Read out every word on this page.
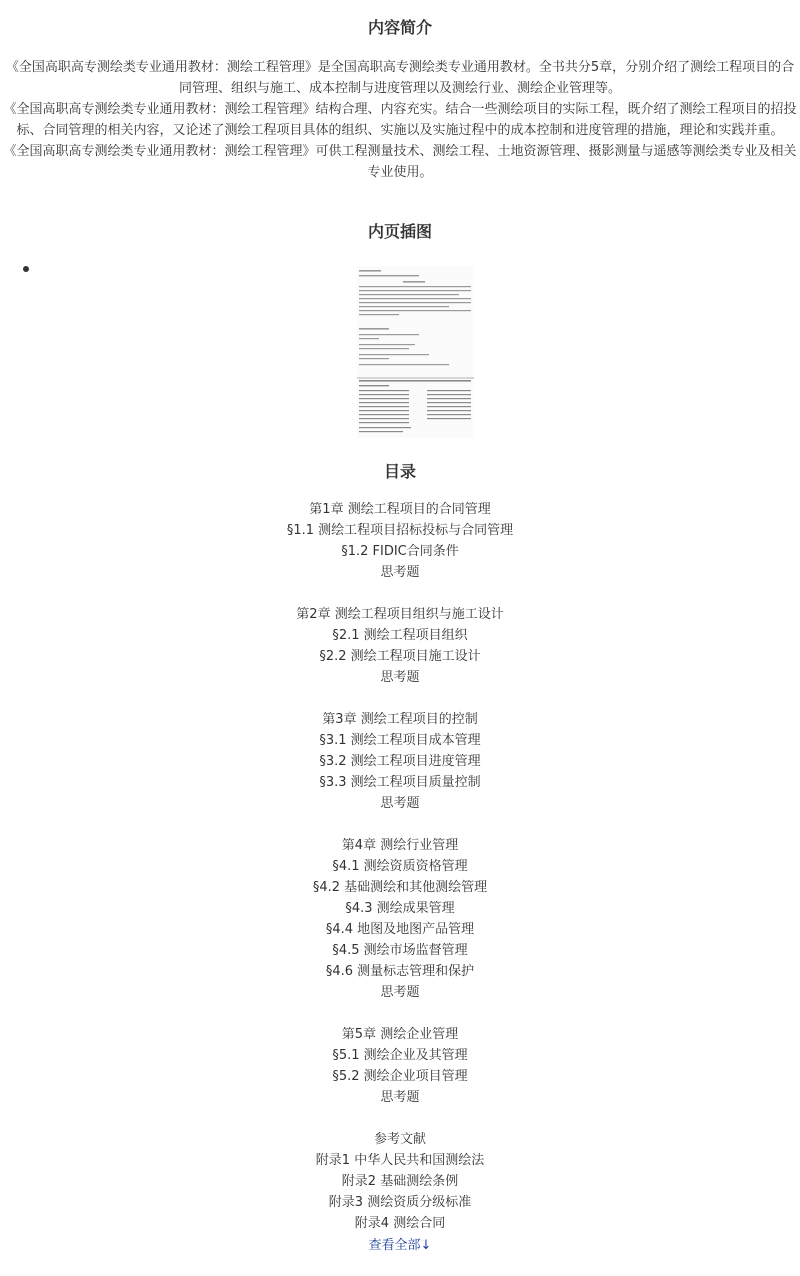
内容简介

《全国高职高专测绘类专业通用教材：测绘工程管理》是全国高职高专测绘类专业通用教材。全书共分5章，分别介绍了测绘工程项目的合同管理、组织与施工、成本控制与进度管理以及测绘行业、测绘企业管理等。

《全国高职高专测绘类专业通用教材：测绘工程管理》结构合理、内容充实。结合一些测绘项目的实际工程，既介绍了测绘工程项目的招投标、合同管理的相关内容，又论述了测绘工程项目具体的组织、实施以及实施过程中的成本控制和进度管理的措施，理论和实践并重。

《全国高职高专测绘类专业通用教材：测绘工程管理》可供工程测量技术、测绘工程、土地资源管理、摄影测量与遥感等测绘类专业及相关专业使用。

内页插图
目录
第1章 测绘工程项目的合同管理
§1.1 测绘工程项目招标投标与合同管理
§1.2 FIDIC合同条件
思考题
第2章 测绘工程项目组织与施工设计
§2.1 测绘工程项目组织
§2.2 测绘工程项目施工设计
思考题
第3章 测绘工程项目的控制
§3.1 测绘工程项目成本管理
§3.2 测绘工程项目进度管理
§3.3 测绘工程项目质量控制
思考题
第4章 测绘行业管理
§4.1 测绘资质资格管理
§4.2 基础测绘和其他测绘管理
§4.3 测绘成果管理
§4.4 地图及地图产品管理
§4.5 测绘市场监督管理
§4.6 测量标志管理和保护
思考题
第5章 测绘企业管理
§5.1 测绘企业及其管理
§5.2 测绘企业项目管理
思考题
参考文献
附录1 中华人民共和国测绘法
附录2 基础测绘条例
附录3 测绘资质分级标准
附录4 测绘合同
查看全部↓
